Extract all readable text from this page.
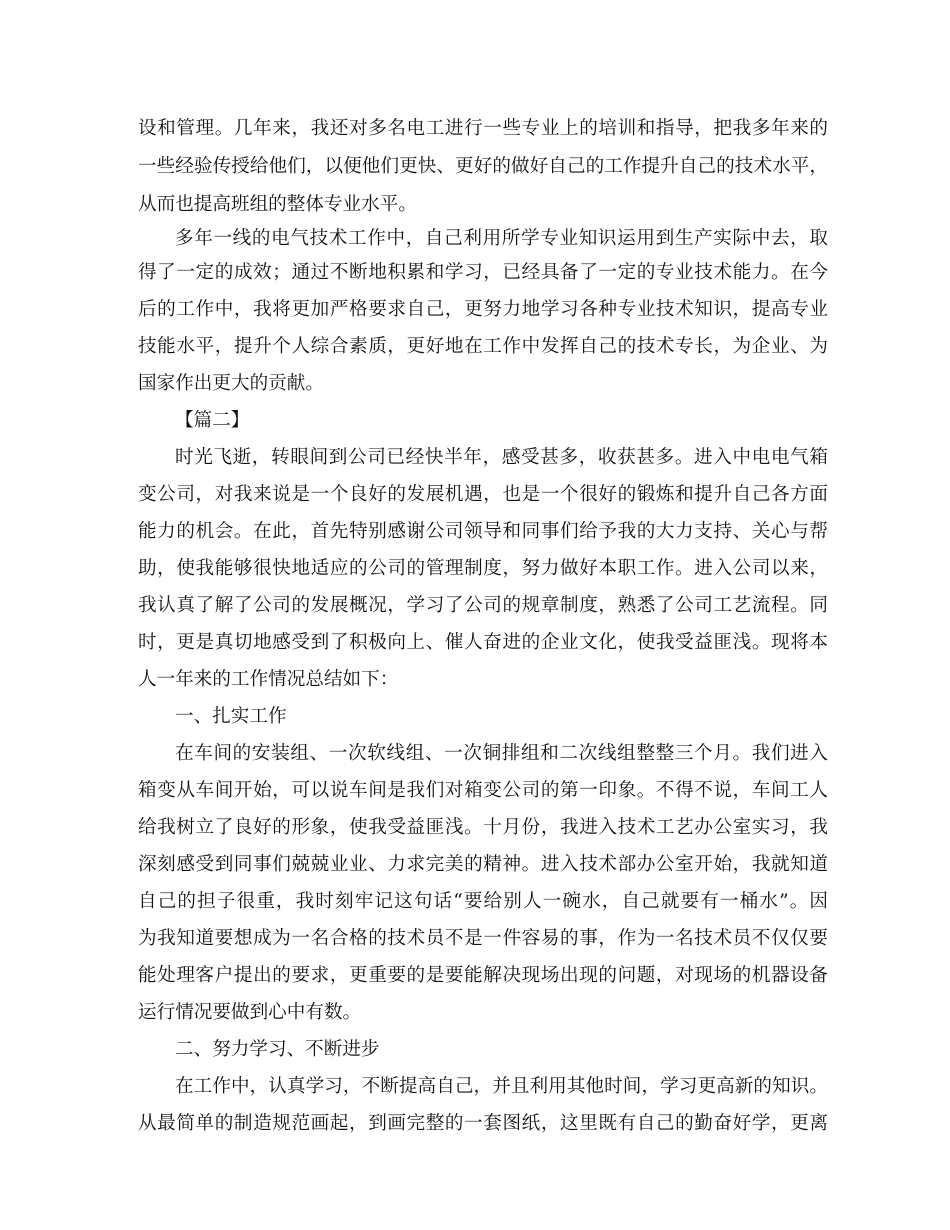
设和管理。几年来，我还对多名电工进行一些专业上的培训和指导，把我多年来的
一些经验传授给他们，以便他们更快、更好的做好自己的工作提升自己的技术水平，
从而也提高班组的整体专业水平。
多年一线的电气技术工作中，自己利用所学专业知识运用到生产实际中去，取
得了一定的成效；通过不断地积累和学习，已经具备了一定的专业技术能力。在今
后的工作中，我将更加严格要求自己，更努力地学习各种专业技术知识，提高专业
技能水平，提升个人综合素质，更好地在工作中发挥自己的技术专长，为企业、为
国家作出更大的贡献。
【篇二】
时光飞逝，转眼间到公司已经快半年，感受甚多，收获甚多。进入中电电气箱
变公司，对我来说是一个良好的发展机遇，也是一个很好的锻炼和提升自己各方面
能力的机会。在此，首先特别感谢公司领导和同事们给予我的大力支持、关心与帮
助，使我能够很快地适应的公司的管理制度，努力做好本职工作。进入公司以来，
我认真了解了公司的发展概况，学习了公司的规章制度，熟悉了公司工艺流程。同
时，更是真切地感受到了积极向上、催人奋进的企业文化，使我受益匪浅。现将本
人一年来的工作情况总结如下：
一、扎实工作
在车间的安装组、一次软线组、一次铜排组和二次线组整整三个月。我们进入
箱变从车间开始，可以说车间是我们对箱变公司的第一印象。不得不说，车间工人
给我树立了良好的形象，使我受益匪浅。十月份，我进入技术工艺办公室实习，我
深刻感受到同事们兢兢业业、力求完美的精神。进入技术部办公室开始，我就知道
自己的担子很重，我时刻牢记这句话“要给别人一碗水，自己就要有一桶水”。因
为我知道要想成为一名合格的技术员不是一件容易的事，作为一名技术员不仅仅要
能处理客户提出的要求，更重要的是要能解决现场出现的问题，对现场的机器设备
运行情况要做到心中有数。
二、努力学习、不断进步
在工作中，认真学习，不断提高自己，并且利用其他时间，学习更高新的知识。
从最简单的制造规范画起，到画完整的一套图纸，这里既有自己的勤奋好学，更离
